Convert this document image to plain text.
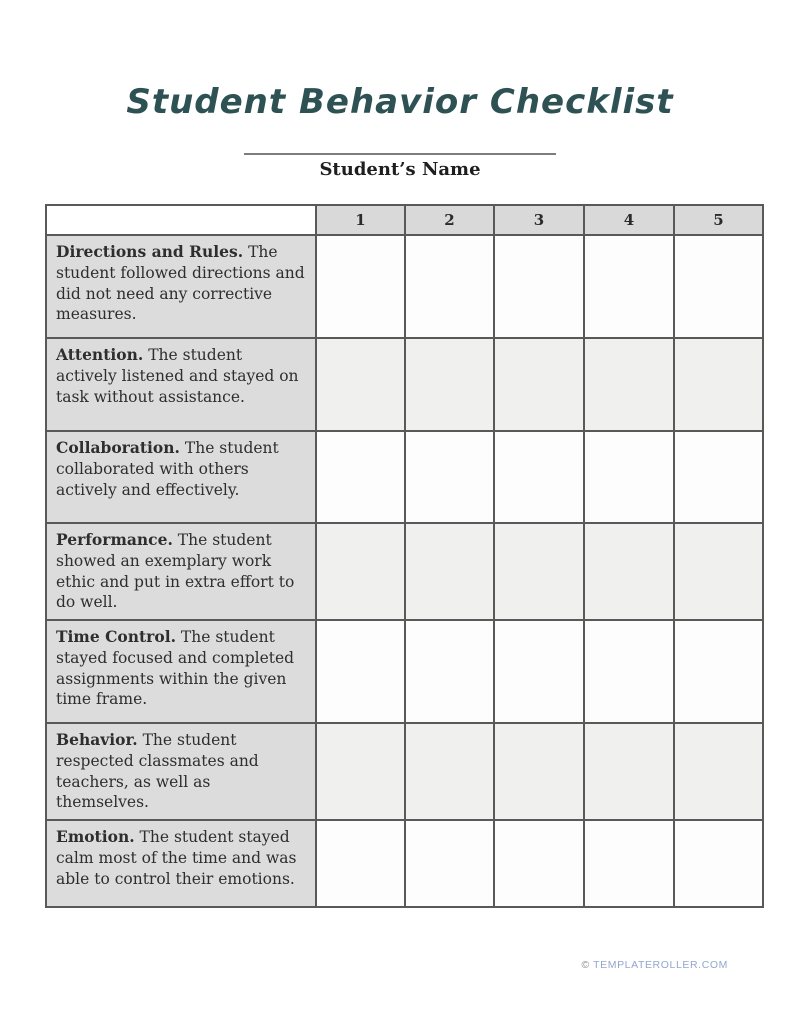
Student Behavior Checklist
Student’s Name
	1	2	3	4	5
Directions and Rules. The student followed directions and did not need any corrective measures.					
Attention. The student actively listened and stayed on task without assistance.					
Collaboration. The student collaborated with others actively and effectively.					
Performance. The student showed an exemplary work ethic and put in extra effort to do well.					
Time Control. The student stayed focused and completed assignments within the given time frame.					
Behavior. The student respected classmates and teachers, as well as themselves.					
Emotion. The student stayed calm most of the time and was able to control their emotions.					
© TEMPLATEROLLER.COM
